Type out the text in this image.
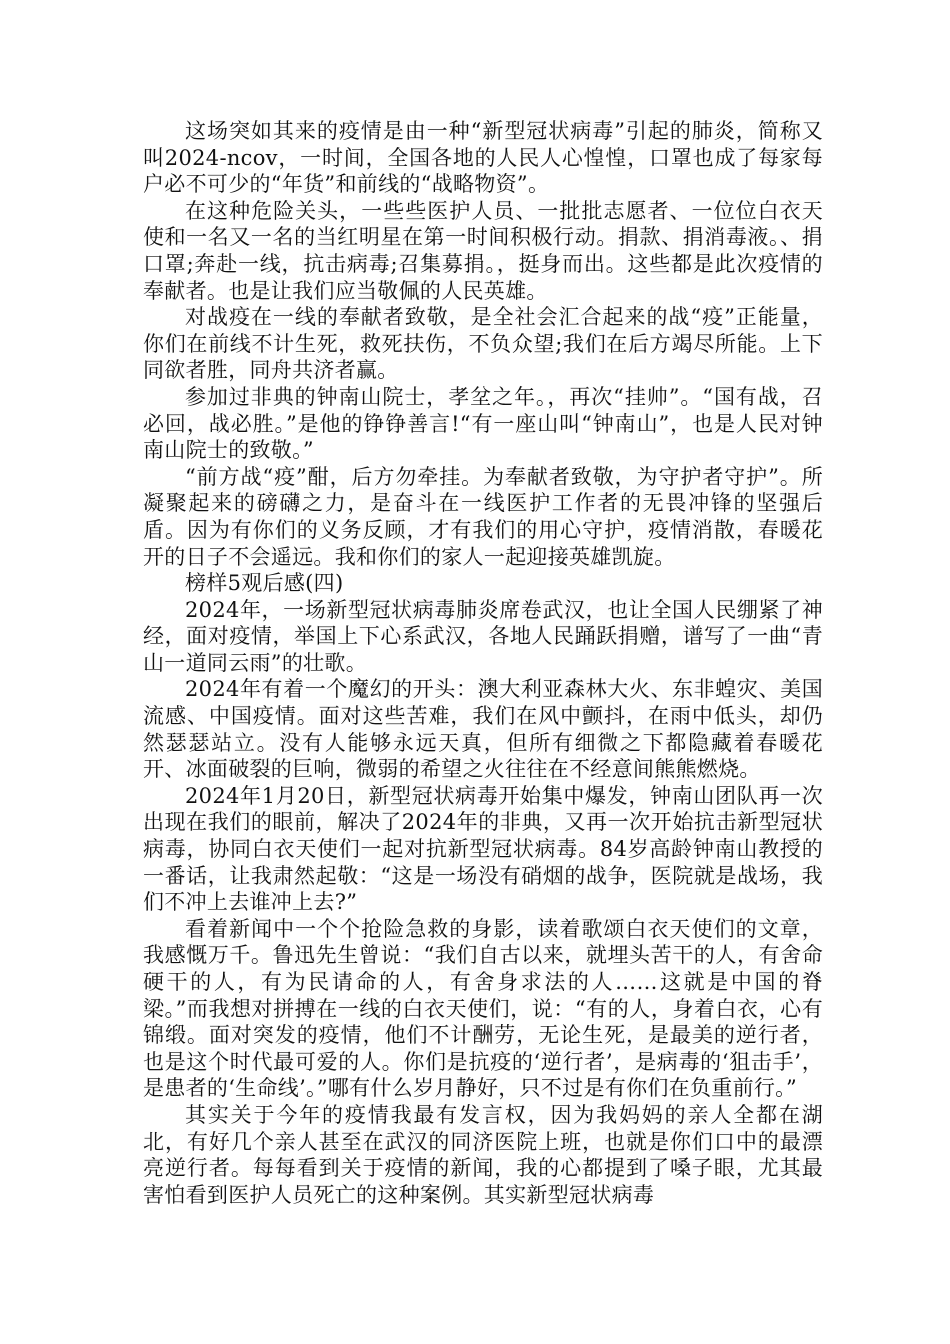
这场突如其来的疫情是由一种“新型冠状病毒”引起的肺炎，简称又叫2024-ncov，一时间，全国各地的人民人心惶惶，口罩也成了每家每户必不可少的“年货”和前线的“战略物资”。

在这种危险关头，一些些医护人员、一批批志愿者、一位位白衣天 使和一名又一名的当红明星在第一时间积极行动。捐款、捐消毒液。、捐口罩;奔赴一线，抗击病毒;召集募捐。，挺身而出。这些都是此次疫情的奉献者。也是让我们应当敬佩的人民英雄。

对战疫在一线的奉献者致敬，是全社会汇合起来的战“疫”正能量，你们在前线不计生死，救死扶伤，不负众望;我们在后方竭尽所能。上下同欲者胜，同舟共济者赢。

参加过非典的钟南山院士，孝坌之年。，再次“挂帅”。“国有战，召必回，战必胜。”是他的铮铮善言!“有一座山叫“钟南山”，也是人民对钟南山院士的致敬。”

“前方战“疫”酣，后方勿牵挂。为奉献者致敬，为守护者守护”。所凝聚起来的磅礴之力，是奋斗在一线医护工作者的无畏冲锋的坚强后盾。因为有你们的义务反顾，才有我们的用心守护，疫情消散，春暖花开的日子不会遥远。我和你们的家人一起迎接英雄凯旋。

榜样5观后感(四)

2024年，一场新型冠状病毒肺炎席卷武汉，也让全国人民绷紧了神经，面对疫情，举国上下心系武汉，各地人民踊跃捐赠，谱写了一曲“青山一道同云雨”的壮歌。

2024年有着一个魔幻的开头：澳大利亚森林大火、东非蝗灾、美国流感、中国疫情。面对这些苦难，我们在风中颤抖，在雨中低头，却仍然瑟瑟站立。没有人能够永远天真，但所有细微之下都隐藏着春暖花开、冰面破裂的巨响，微弱的希望之火往往在不经意间熊熊燃烧。

2024年1月20日，新型冠状病毒开始集中爆发，钟南山团队再一次出现在我们的眼前，解决了2024年的非典，又再一次开始抗击新型冠状病毒，协同白衣天使们一起对抗新型冠状病毒。84岁高龄钟南山教授的一番话，让我肃然起敬：“这是一场没有硝烟的战争，医院就是战场，我们不冲上去谁冲上去?”

看着新闻中一个个抢险急救的身影，读着歌颂白衣天使们的文章，我感慨万千。鲁迅先生曾说：“我们自古以来，就埋头苦干的人，有舍命硬干的人，有为民请命的人，有舍身求法的人……这就是中国的脊梁。”而我想对拼搏在一线的白衣天使们，说：“有的人，身着白衣，心有锦缎。面对突发的疫情，他们不计酬劳，无论生死，是最美的逆行者，也是这个时代最可爱的人。你们是抗疫的‘逆行者’，是病毒的‘狙击手’，是患者的‘生命线’。”哪有什么岁月静好，只不过是有你们在负重前行。”

其实关于今年的疫情我最有发言权，因为我妈妈的亲人全都在湖北，有好几个亲人甚至在武汉的同济医院上班，也就是你们口中的最漂亮逆行者。每每看到关于疫情的新闻，我的心都提到了嗓子眼，尤其最害怕看到医护人员死亡的这种案例。其实新型冠状病毒
